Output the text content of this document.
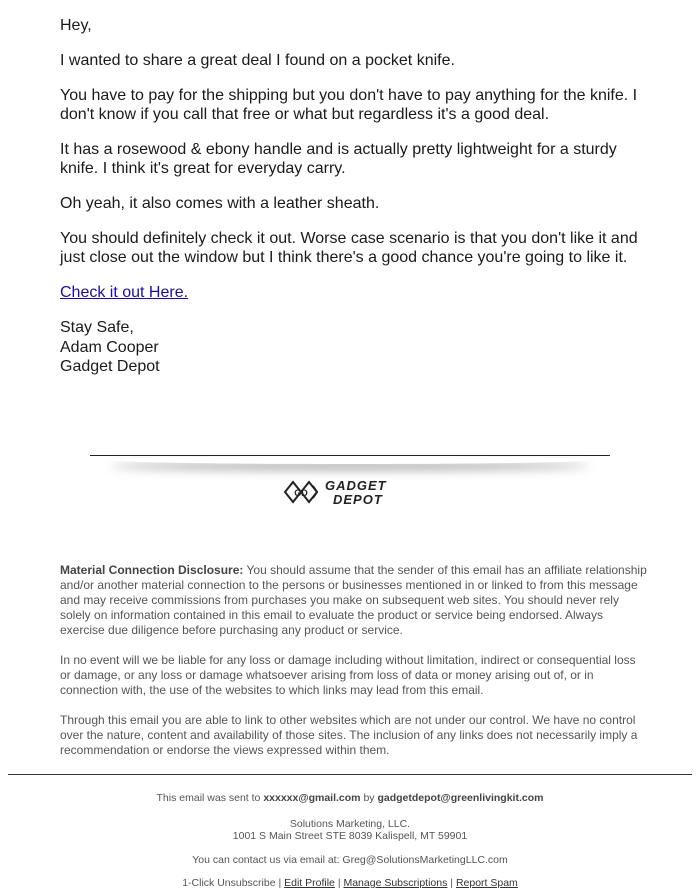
Hey,

I wanted to share a great deal I found on a pocket knife.

You have to pay for the shipping but you don't have to pay anything for the knife. I don't know if you call that free or what but regardless it's a good deal.

It has a rosewood & ebony handle and is actually pretty lightweight for a sturdy knife. I think it's great for everyday carry.

Oh yeah, it also comes with a leather sheath.

You should definitely check it out. Worse case scenario is that you don't like it and just close out the window but I think there's a good chance you're going to like it.

Check it out Here.

Stay Safe,
Adam Cooper
Gadget Depot
GD GADGET
DEPOT

Material Connection Disclosure: You should assume that the sender of this email has an affiliate relationship and/or another material connection to the persons or businesses mentioned in or linked to from this message and may receive commissions from purchases you make on subsequent web sites. You should never rely solely on information contained in this email to evaluate the product or service being endorsed. Always exercise due diligence before purchasing any product or service.

In no event will we be liable for any loss or damage including without limitation, indirect or consequential loss or damage, or any loss or damage whatsoever arising from loss of data or money arising out of, or in connection with, the use of the websites to which links may lead from this email.

Through this email you are able to link to other websites which are not under our control. We have no control over the nature, content and availability of those sites. The inclusion of any links does not necessarily imply a recommendation or endorse the views expressed within them.

This email was sent to xxxxxx@gmail.com by gadgetdepot@greenlivingkit.com
Solutions Marketing, LLC.
1001 S Main Street STE 8039 Kalispell, MT 59901
You can contact us via email at: Greg@SolutionsMarketingLLC.com
1-Click Unsubscribe | Edit Profile | Manage Subscriptions | Report Spam
